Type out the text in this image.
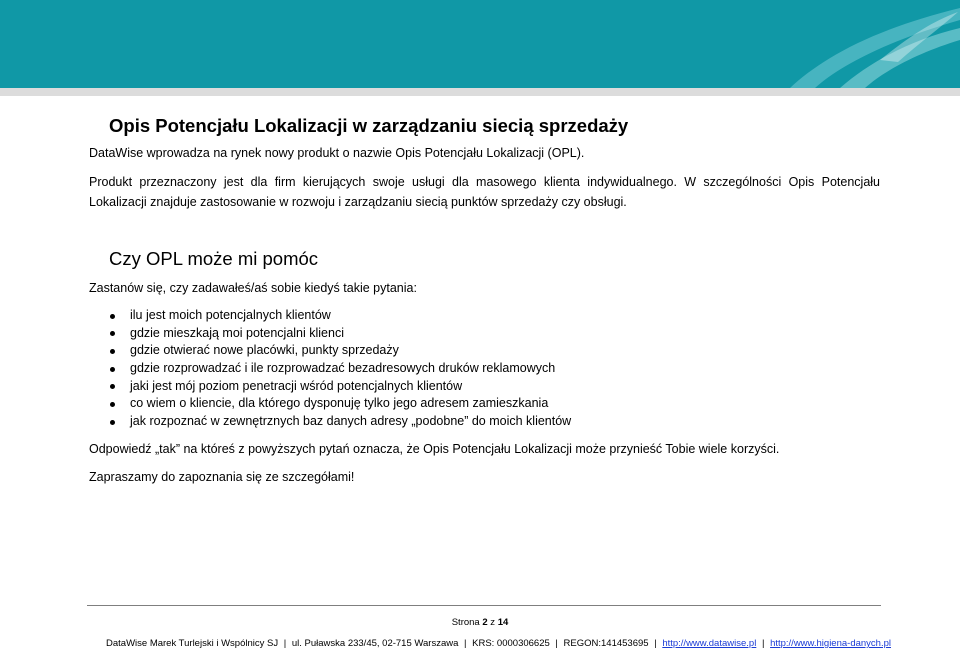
Opis Potencjału Lokalizacji w zarządzaniu siecią sprzedaży

DataWise wprowadza na rynek nowy produkt o nazwie Opis Potencjału Lokalizacji (OPL).

Produkt przeznaczony jest dla firm kierujących swoje usługi dla masowego klienta indywidualnego. W szczególności Opis Potencjału
Lokalizacji znajduje zastosowanie w rozwoju i zarządzaniu siecią punktów sprzedaży czy obsługi.
Czy OPL może mi pomóc

Zastanów się, czy zadawałeś/aś sobie kiedyś takie pytania:

ilu jest moich potencjalnych klientów
gdzie mieszkają moi potencjalni klienci
gdzie otwierać nowe placówki, punkty sprzedaży
gdzie rozprowadzać i ile rozprowadzać bezadresowych druków reklamowych
jaki jest mój poziom penetracji wśród potencjalnych klientów
co wiem o kliencie, dla którego dysponuję tylko jego adresem zamieszkania
jak rozpoznać w zewnętrznych baz danych adresy „podobne” do moich klientów

Odpowiedź „tak” na któreś z powyższych pytań oznacza, że Opis Potencjału Lokalizacji może przynieść Tobie wiele korzyści.

Zapraszamy do zapoznania się ze szczegółami!

Strona 2 z 14
DataWise Marek Turlejski i Wspólnicy SJ | ul. Puławska 233/45, 02-715 Warszawa | KRS: 0000306625 | REGON:141453695 | http://www.datawise.pl | http://www.higiena-danych.pl
